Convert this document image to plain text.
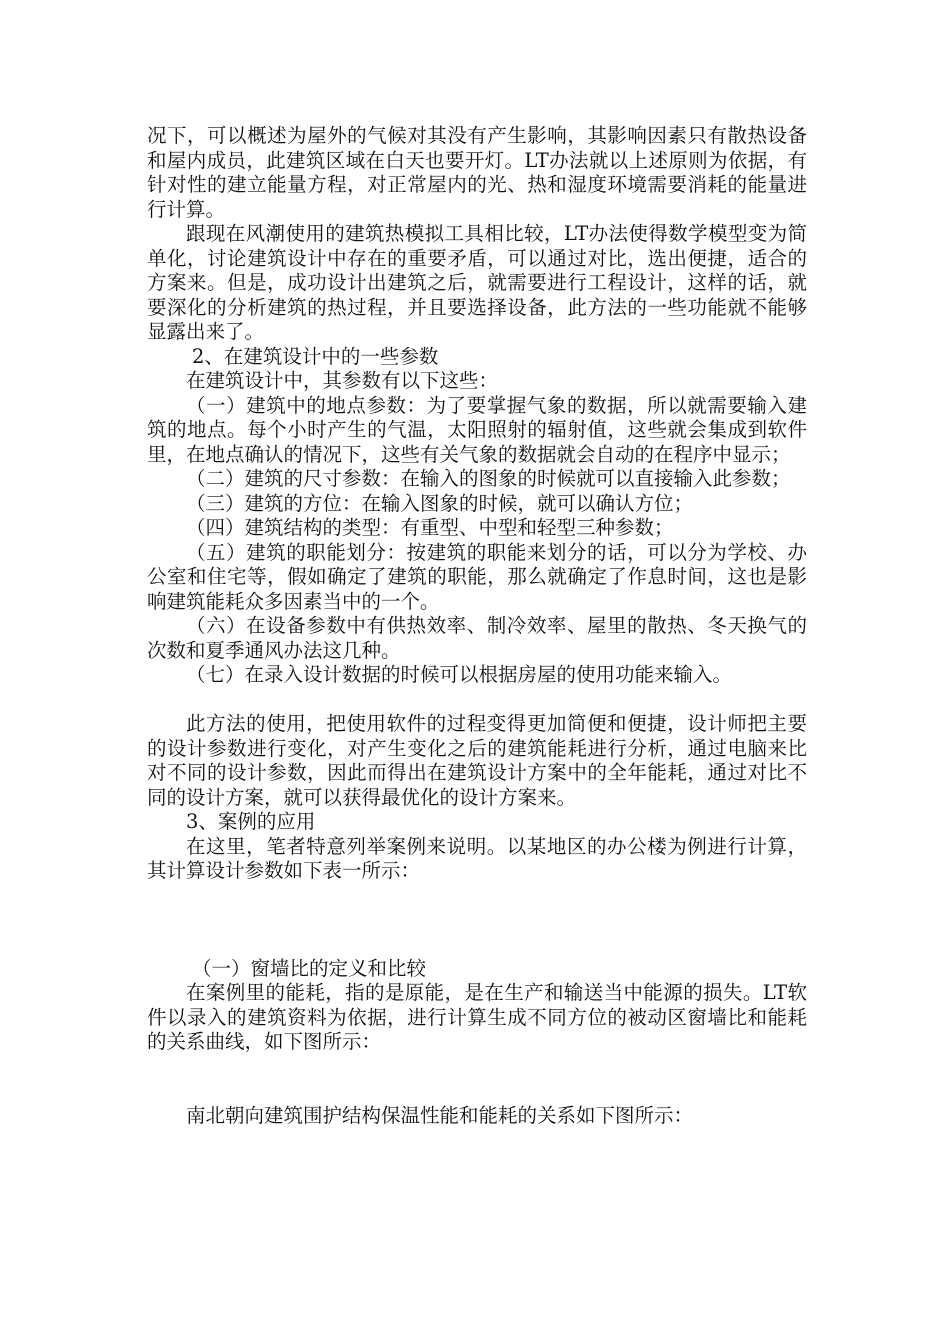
况下，可以概述为屋外的气候对其没有产生影响，其影响因素只有散热设备和屋内成员，此建筑区域在白天也要开灯。LT办法就以上述原则为依据，有针对性的建立能量方程，对正常屋内的光、热和湿度环境需要消耗的能量进行计算。

跟现在风潮使用的建筑热模拟工具相比较，LT办法使得数学模型变为简单化，讨论建筑设计中存在的重要矛盾，可以通过对比，选出便捷，适合的方案来。但是，成功设计出建筑之后，就需要进行工程设计，这样的话，就要深化的分析建筑的热过程，并且要选择设备，此方法的一些功能就不能够显露出来了。

2、在建筑设计中的一些参数

在建筑设计中，其参数有以下这些：

（一）建筑中的地点参数：为了要掌握气象的数据，所以就需要输入建筑的地点。每个小时产生的气温，太阳照射的辐射值，这些就会集成到软件里，在地点确认的情况下，这些有关气象的数据就会自动的在程序中显示；

（二）建筑的尺寸参数：在输入的图象的时候就可以直接输入此参数；

（三）建筑的方位：在输入图象的时候，就可以确认方位；

（四）建筑结构的类型：有重型、中型和轻型三种参数；

（五）建筑的职能划分：按建筑的职能来划分的话，可以分为学校、办公室和住宅等，假如确定了建筑的职能，那么就确定了作息时间，这也是影响建筑能耗众多因素当中的一个。

（六）在设备参数中有供热效率、制冷效率、屋里的散热、冬天换气的次数和夏季通风办法这几种。

（七）在录入设计数据的时候可以根据房屋的使用功能来输入。

此方法的使用，把使用软件的过程变得更加简便和便捷，设计师把主要的设计参数进行变化，对产生变化之后的建筑能耗进行分析，通过电脑来比对不同的设计参数，因此而得出在建筑设计方案中的全年能耗，通过对比不同的设计方案，就可以获得最优化的设计方案来。

3、案例的应用

在这里，笔者特意列举案例来说明。以某地区的办公楼为例进行计算，其计算设计参数如下表一所示：

（一）窗墙比的定义和比较

在案例里的能耗，指的是原能，是在生产和输送当中能源的损失。LT软件以录入的建筑资料为依据，进行计算生成不同方位的被动区窗墙比和能耗的关系曲线，如下图所示：

南北朝向建筑围护结构保温性能和能耗的关系如下图所示：
